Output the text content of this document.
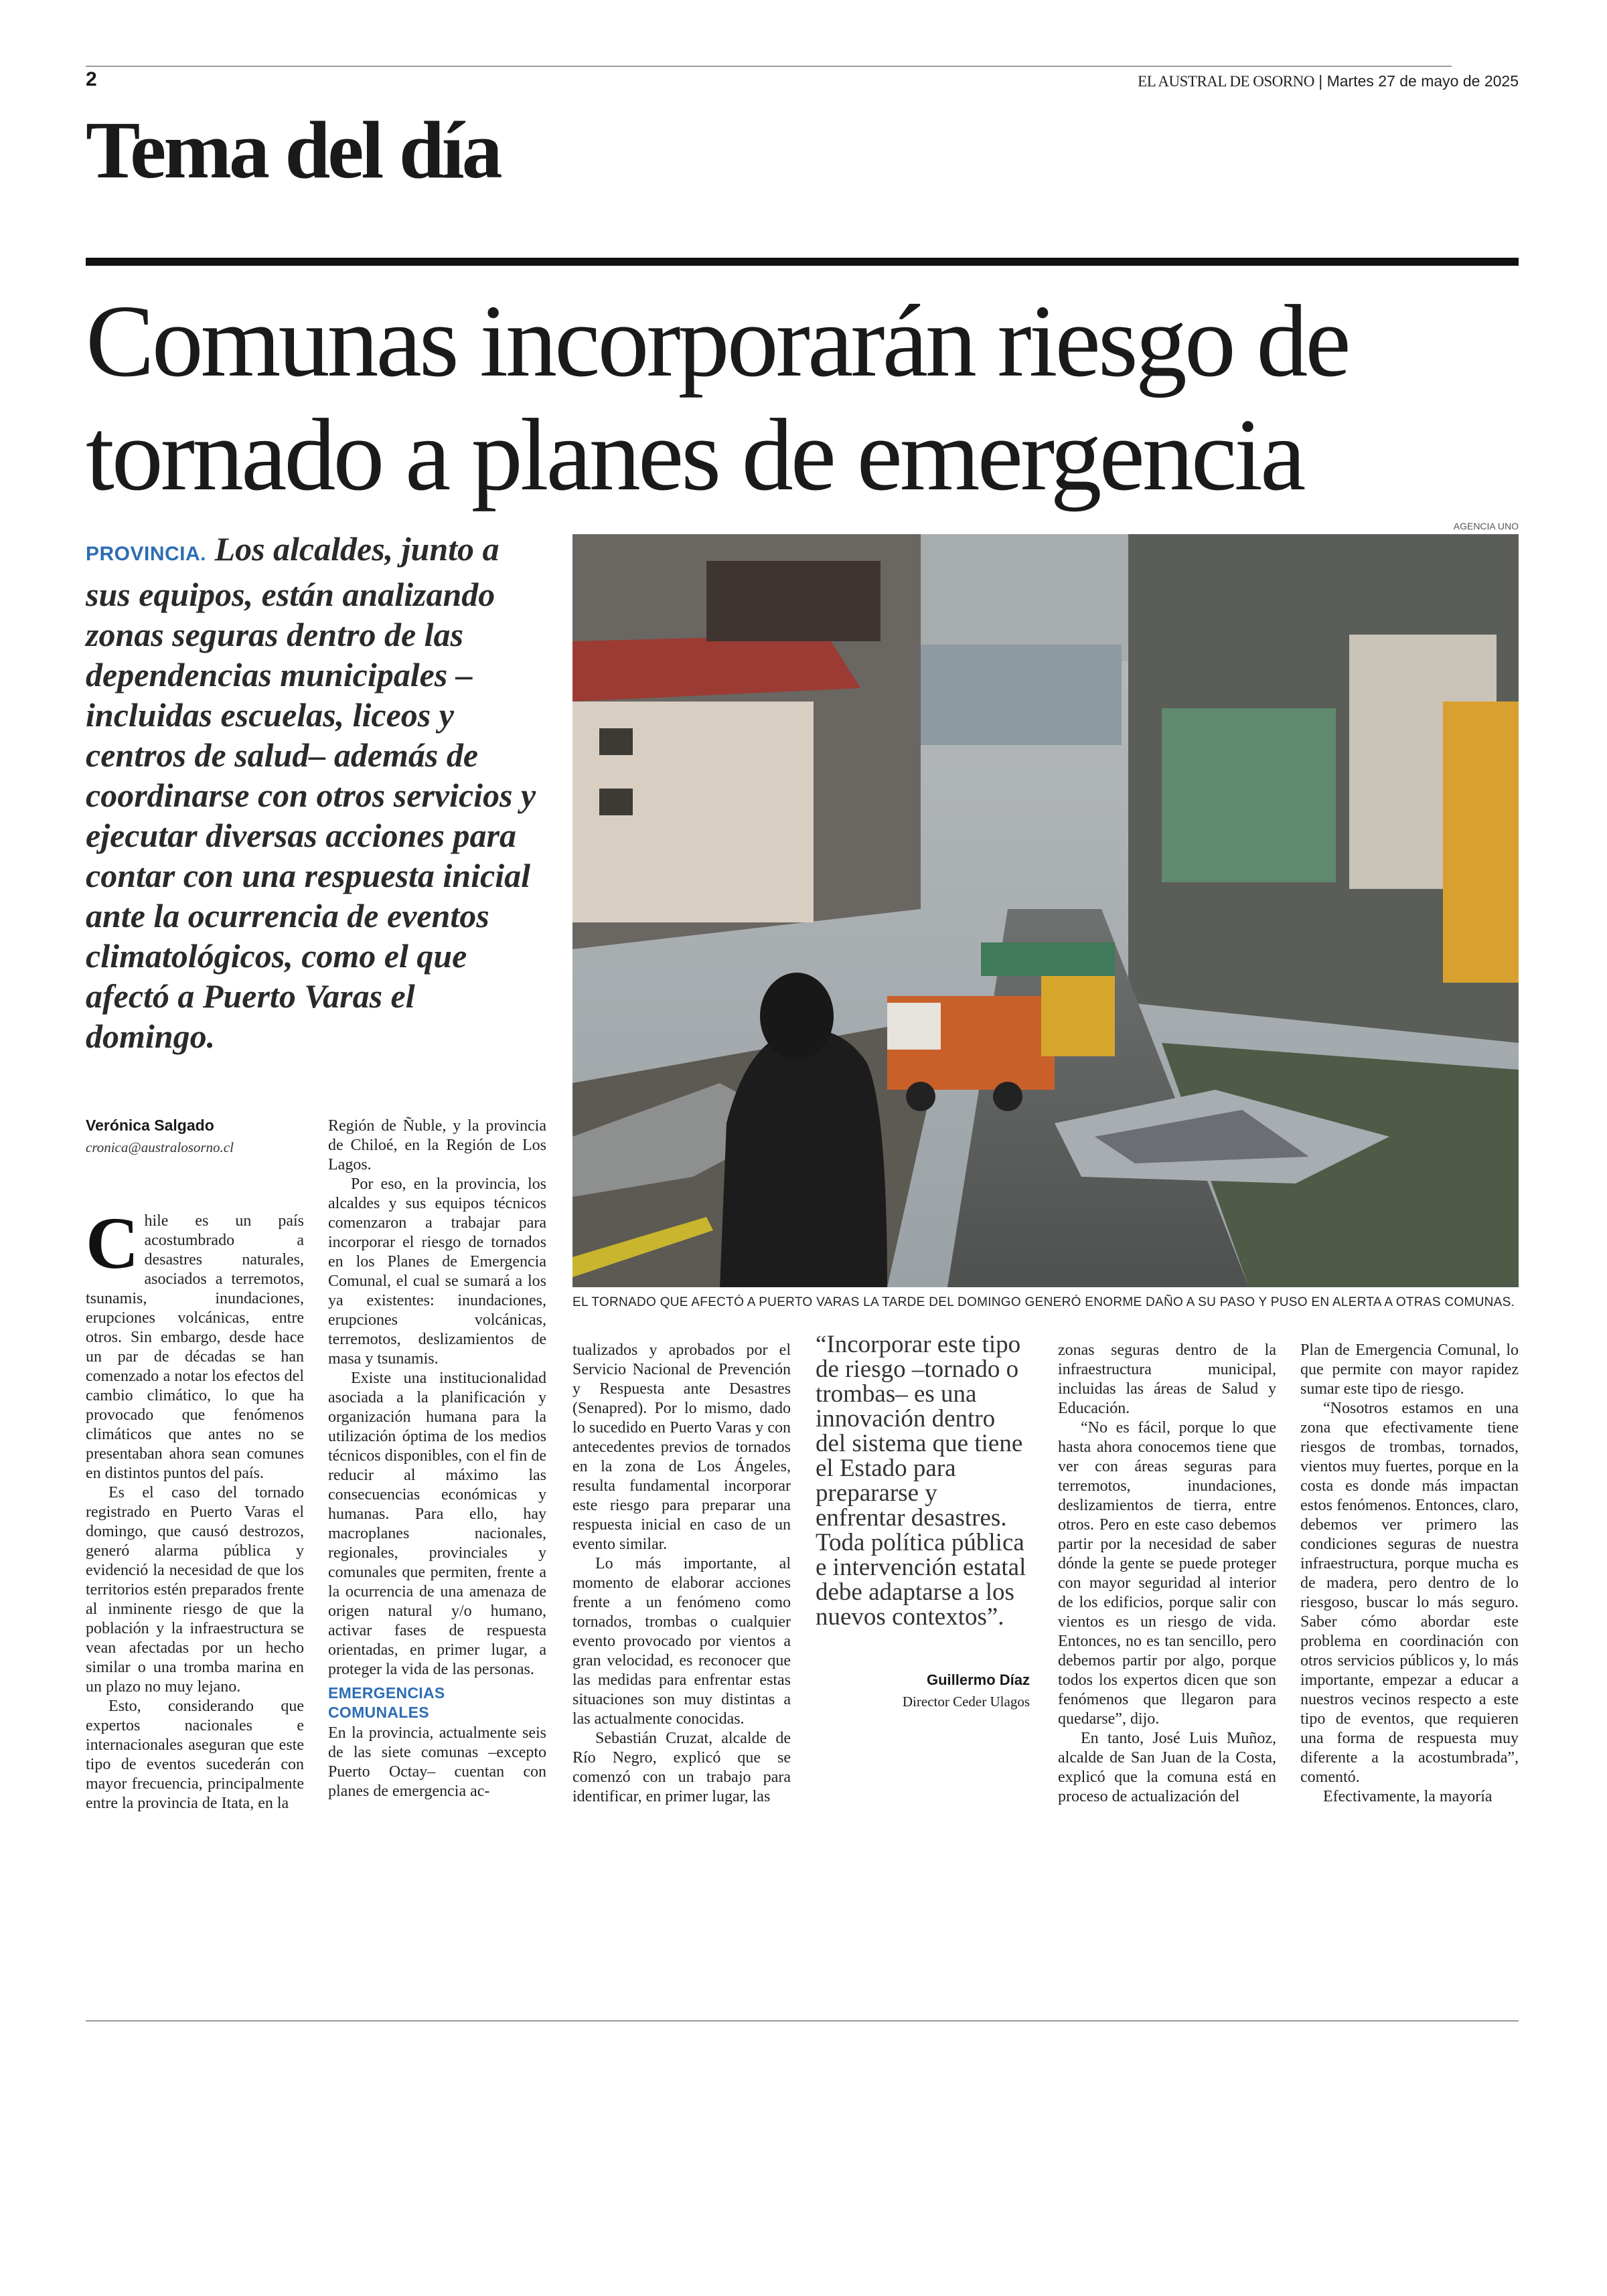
2	EL AUSTRAL DE OSORNO | Martes 27 de mayo de 2025
Tema del día
Comunas incorporarán riesgo de tornado a planes de emergencia
PROVINCIA. Los alcaldes, junto a sus equipos, están analizando zonas seguras dentro de las dependencias municipales –incluidas escuelas, liceos y centros de salud– además de coordinarse con otros servicios y ejecutar diversas acciones para contar con una respuesta inicial ante la ocurrencia de eventos climatológicos, como el que afectó a Puerto Varas el domingo.
AGENCIA UNO
EL TORNADO QUE AFECTÓ A PUERTO VARAS LA TARDE DEL DOMINGO GENERÓ ENORME DAÑO A SU PASO Y PUSO EN ALERTA A OTRAS COMUNAS.
Verónica Salgado
cronica@australosorno.cl

Chile es un país acostumbrado a desastres naturales, asociados a terremotos, tsunamis, inundaciones, erupciones volcánicas, entre otros. Sin embargo, desde hace un par de décadas se han comenzado a notar los efectos del cambio climático, lo que ha provocado que fenómenos climáticos que antes no se presentaban ahora sean comunes en distintos puntos del país.

Es el caso del tornado registrado en Puerto Varas el domingo, que causó destrozos, generó alarma pública y evidenció la necesidad de que los territorios estén preparados frente al inminente riesgo de que la población y la infraestructura se vean afectadas por un hecho similar o una tromba marina en un plazo no muy lejano.

Esto, considerando que expertos nacionales e internacionales aseguran que este tipo de eventos sucederán con mayor frecuencia, principalmente entre la provincia de Itata, en la

Región de Ñuble, y la provincia de Chiloé, en la Región de Los Lagos.

Por eso, en la provincia, los alcaldes y sus equipos técnicos comenzaron a trabajar para incorporar el riesgo de tornados en los Planes de Emergencia Comunal, el cual se sumará a los ya existentes: inundaciones, erupciones volcánicas, terremotos, deslizamientos de masa y tsunamis.

Existe una institucionalidad asociada a la planificación y organización humana para la utilización óptima de los medios técnicos disponibles, con el fin de reducir al máximo las consecuencias económicas y humanas. Para ello, hay macroplanes nacionales, regionales, provinciales y comunales que permiten, frente a la ocurrencia de una amenaza de origen natural y/o humano, activar fases de respuesta orientadas, en primer lugar, a proteger la vida de las personas.

EMERGENCIAS COMUNALES

En la provincia, actualmente seis de las siete comunas –excepto Puerto Octay– cuentan con planes de emergencia ac-

tualizados y aprobados por el Servicio Nacional de Prevención y Respuesta ante Desastres (Senapred). Por lo mismo, dado lo sucedido en Puerto Varas y con antecedentes previos de tornados en la zona de Los Ángeles, resulta fundamental incorporar este riesgo para preparar una respuesta inicial en caso de un evento similar.

Lo más importante, al momento de elaborar acciones frente a un fenómeno como tornados, trombas o cualquier evento provocado por vientos a gran velocidad, es reconocer que las medidas para enfrentar estas situaciones son muy distintas a las actualmente conocidas.

Sebastián Cruzat, alcalde de Río Negro, explicó que se comenzó con un trabajo para identificar, en primer lugar, las

“Incorporar este tipo de riesgo –tornado o trombas– es una innovación dentro del sistema que tiene el Estado para prepararse y enfrentar desastres. Toda política pública e intervención estatal debe adaptarse a los nuevos contextos”.
Guillermo Díaz
Director Ceder Ulagos

zonas seguras dentro de la infraestructura municipal, incluidas las áreas de Salud y Educación.

“No es fácil, porque lo que hasta ahora conocemos tiene que ver con áreas seguras para terremotos, inundaciones, deslizamientos de tierra, entre otros. Pero en este caso debemos partir por la necesidad de saber dónde la gente se puede proteger con mayor seguridad al interior de los edificios, porque salir con vientos es un riesgo de vida. Entonces, no es tan sencillo, pero debemos partir por algo, porque todos los expertos dicen que son fenómenos que llegaron para quedarse”, dijo.

En tanto, José Luis Muñoz, alcalde de San Juan de la Costa, explicó que la comuna está en proceso de actualización del

Plan de Emergencia Comunal, lo que permite con mayor rapidez sumar este tipo de riesgo.

“Nosotros estamos en una zona que efectivamente tiene riesgos de trombas, tornados, vientos muy fuertes, porque en la costa es donde más impactan estos fenómenos. Entonces, claro, debemos ver primero las condiciones seguras de nuestra infraestructura, porque mucha es de madera, pero dentro de lo riesgoso, buscar lo más seguro. Saber cómo abordar este problema en coordinación con otros servicios públicos y, lo más importante, empezar a educar a nuestros vecinos respecto a este tipo de eventos, que requieren una forma de respuesta muy diferente a la acostumbrada”, comentó.

Efectivamente, la mayoría
